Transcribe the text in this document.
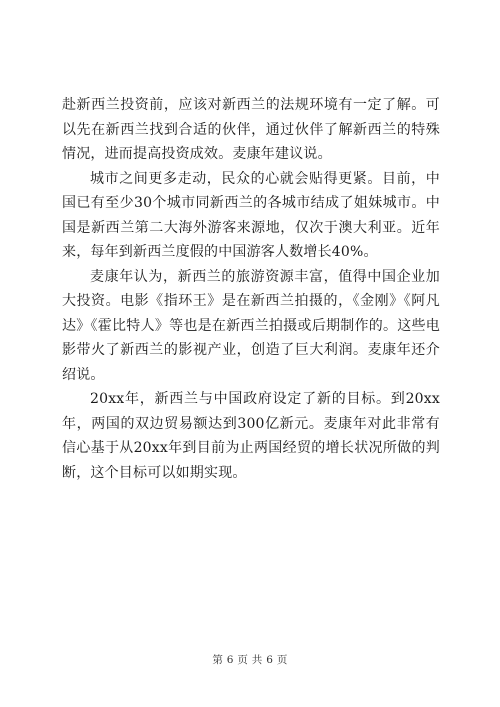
赴新西兰投资前，应该对新西兰的法规环境有一定了解。可以先在新西兰找到合适的伙伴，通过伙伴了解新西兰的特殊情况，进而提高投资成效。麦康年建议说。

城市之间更多走动，民众的心就会贴得更紧。目前，中国已有至少30个城市同新西兰的各城市结成了姐妹城市。中国是新西兰第二大海外游客来源地，仅次于澳大利亚。近年来，每年到新西兰度假的中国游客人数增长40%。

麦康年认为，新西兰的旅游资源丰富，值得中国企业加大投资。电影《指环王》是在新西兰拍摄的，《金刚》《阿凡达》《霍比特人》等也是在新西兰拍摄或后期制作的。这些电影带火了新西兰的影视产业，创造了巨大利润。麦康年还介绍说。

20xx年，新西兰与中国政府设定了新的目标。到20xx年，两国的双边贸易额达到300亿新元。麦康年对此非常有信心基于从20xx年到目前为止两国经贸的增长状况所做的判断，这个目标可以如期实现。

第 6 页 共 6 页
